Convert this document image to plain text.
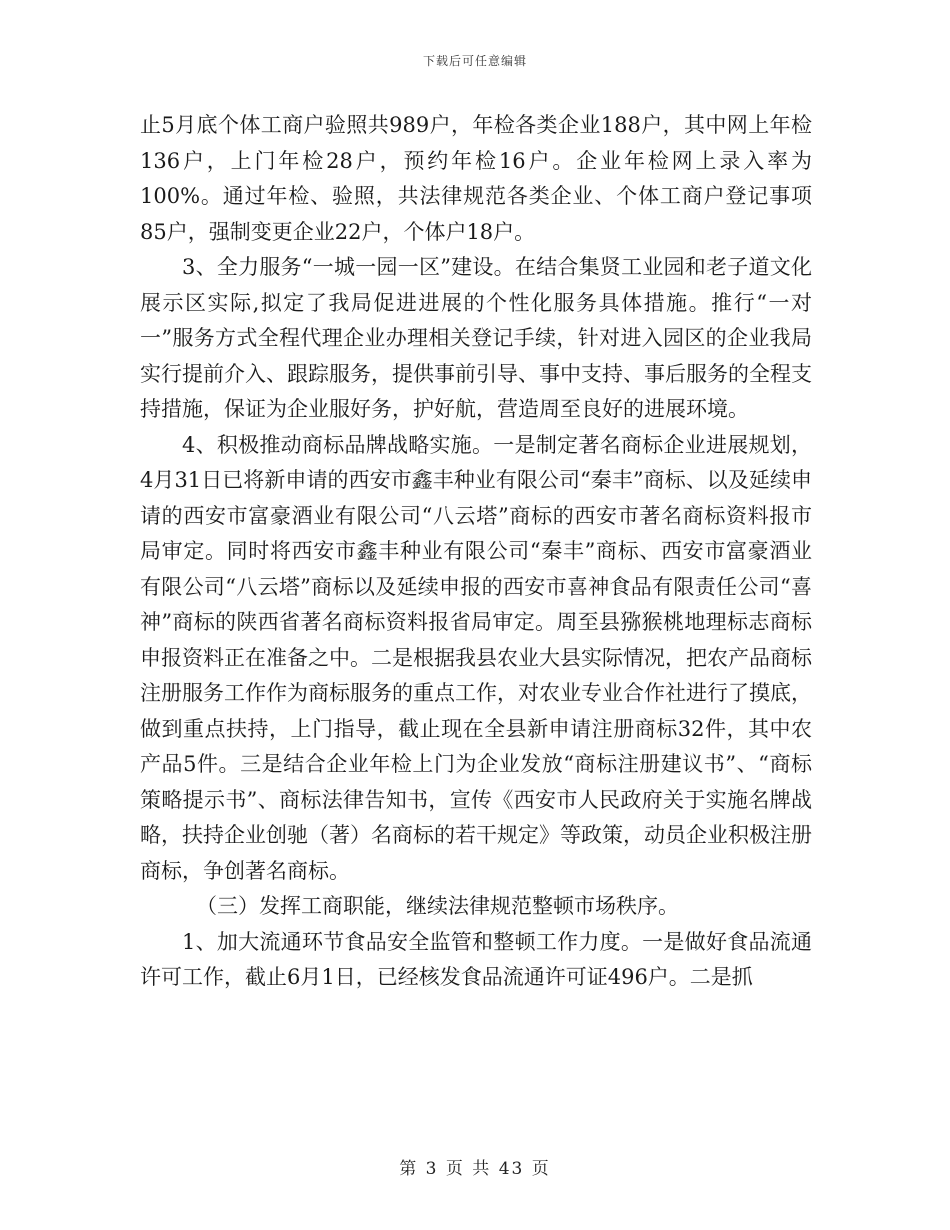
下载后可任意编辑

止5月底个体工商户验照共989户，年检各类企业188户，其中网上年检136户，上门年检28户，预约年检16户。企业年检网上录入率为100%。通过年检、验照，共法律规范各类企业、个体工商户登记事项85户，强制变更企业22户，个体户18户。

3、全力服务“一城一园一区”建设。在结合集贤工业园和老子道文化展示区实际,拟定了我局促进进展的个性化服务具体措施。推行“一对一”服务方式全程代理企业办理相关登记手续，针对进入园区的企业我局实行提前介入、跟踪服务，提供事前引导、事中支持、事后服务的全程支持措施，保证为企业服好务，护好航，营造周至良好的进展环境。

4、积极推动商标品牌战略实施。一是制定著名商标企业进展规划，4月31日已将新申请的西安市鑫丰种业有限公司“秦丰”商标、以及延续申请的西安市富豪酒业有限公司“八云塔”商标的西安市著名商标资料报市局审定。同时将西安市鑫丰种业有限公司“秦丰”商标、西安市富豪酒业有限公司“八云塔”商标以及延续申报的西安市喜神食品有限责任公司“喜神”商标的陕西省著名商标资料报省局审定。周至县猕猴桃地理标志商标申报资料正在准备之中。二是根据我县农业大县实际情况，把农产品商标注册服务工作作为商标服务的重点工作，对农业专业合作社进行了摸底，做到重点扶持，上门指导，截止现在全县新申请注册商标32件，其中农产品5件。三是结合企业年检上门为企业发放“商标注册建议书”、“商标策略提示书”、商标法律告知书，宣传《西安市人民政府关于实施名牌战略，扶持企业创驰（著）名商标的若干规定》等政策，动员企业积极注册商标，争创著名商标。

（三）发挥工商职能，继续法律规范整顿市场秩序。

1、加大流通环节食品安全监管和整顿工作力度。一是做好食品流通许可工作，截止6月1日，已经核发食品流通许可证496户。二是抓

第 3 页 共 43 页
